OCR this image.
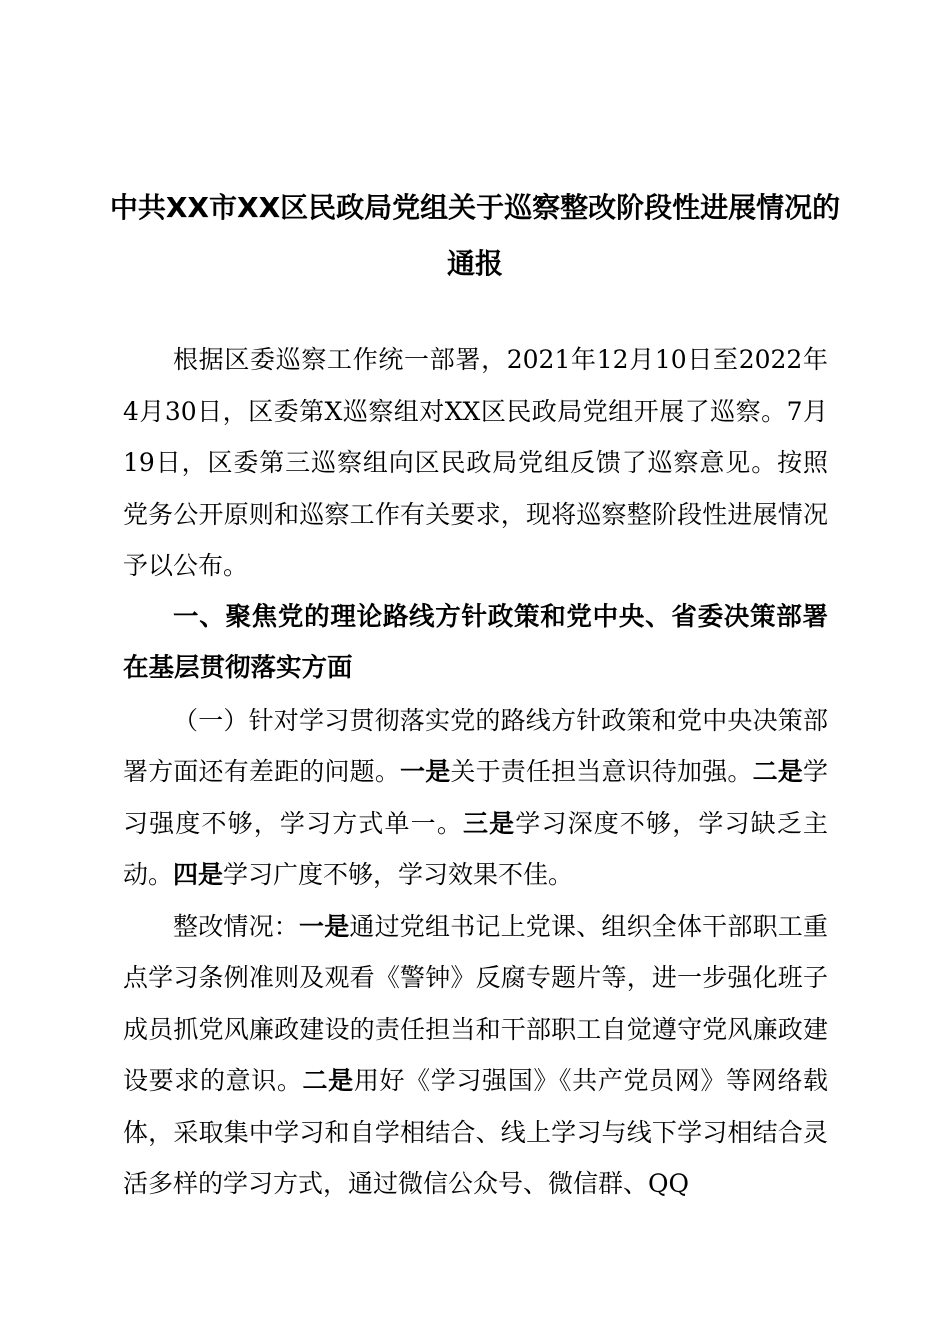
中共XX市XX区民政局党组关于巡察整改阶段性进展情况的
通报

根据区委巡察工作统一部署，2021年12月10日至2022年4月30日，区委第X巡察组对XX区民政局党组开展了巡察。7月19日，区委第三巡察组向区民政局党组反馈了巡察意见。按照党务公开原则和巡察工作有关要求，现将巡察整阶段性进展情况予以公布。

一、聚焦党的理论路线方针政策和党中央、省委决策部署在基层贯彻落实方面

（一）针对学习贯彻落实党的路线方针政策和党中央决策部署方面还有差距的问题。一是关于责任担当意识待加强。二是学习强度不够，学习方式单一。三是学习深度不够，学习缺乏主动。四是学习广度不够，学习效果不佳。

整改情况：一是通过党组书记上党课、组织全体干部职工重点学习条例准则及观看《警钟》反腐专题片等，进一步强化班子成员抓党风廉政建设的责任担当和干部职工自觉遵守党风廉政建设要求的意识。二是用好《学习强国》《共产党员网》等网络载体，采取集中学习和自学相结合、线上学习与线下学习相结合灵活多样的学习方式，通过微信公众号、微信群、QQ
